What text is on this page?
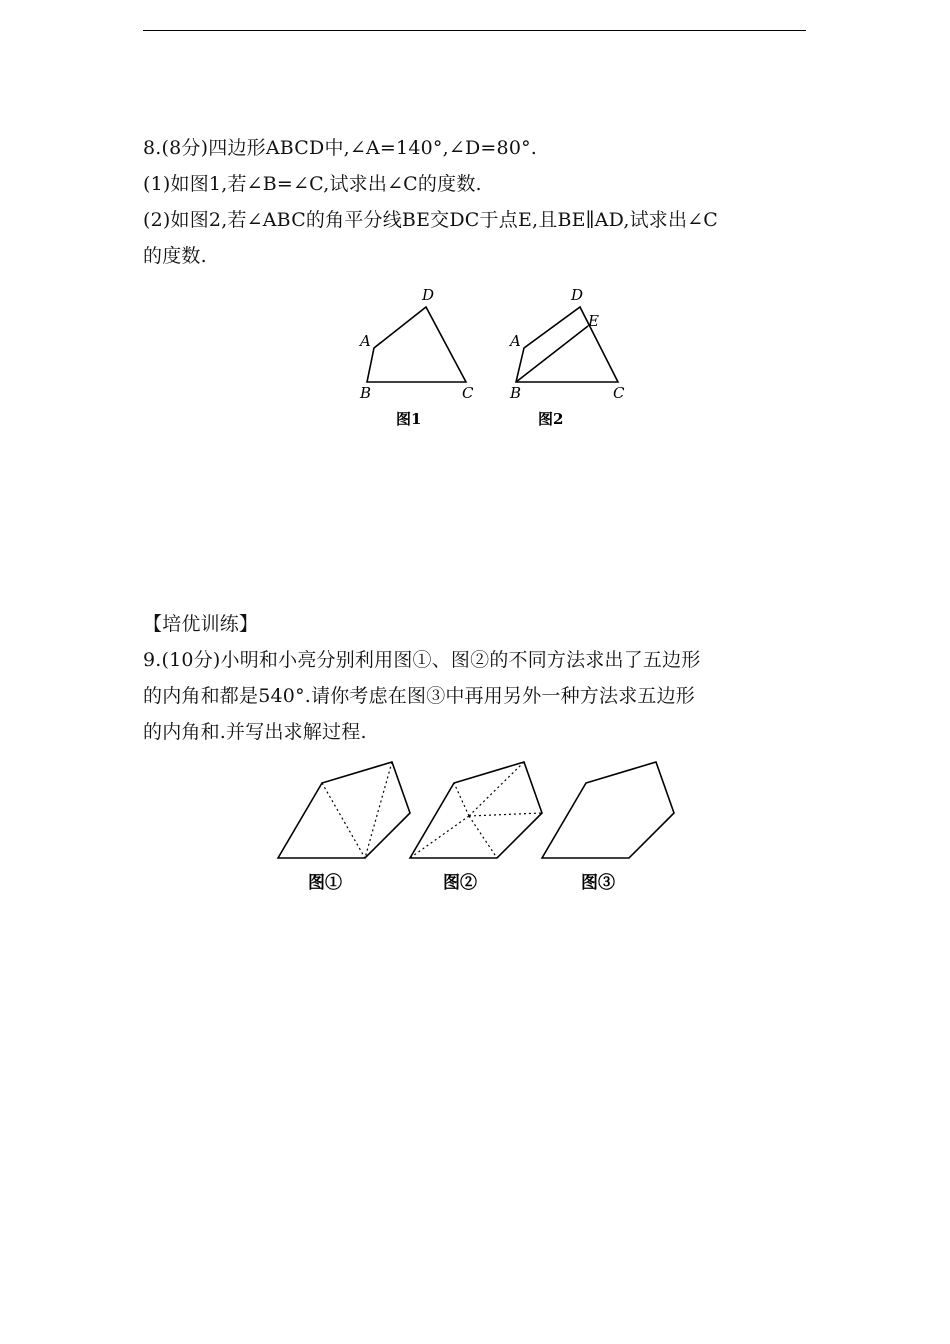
8.(8分)四边形ABCD中,∠A=140°,∠D=80°.
(1)如图1,若∠B=∠C,试求出∠C的度数.
(2)如图2,若∠ABC的角平分线BE交DC于点E,且BE∥AD,试求出∠C
的度数.
D
A
B	C
图1
D
E
A
B	C
图2
【培优训练】
9.(10分)小明和小亮分别利用图①、图②的不同方法求出了五边形
的内角和都是540°.请你考虑在图③中再用另外一种方法求五边形
的内角和.并写出求解过程.
图①	图②	图③
